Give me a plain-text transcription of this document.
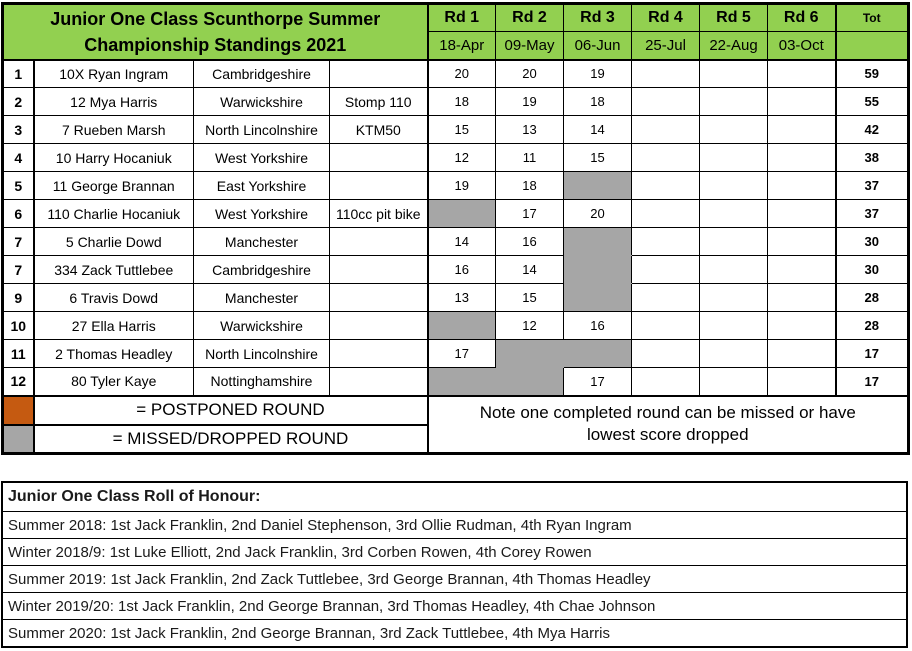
Junior One Class Scunthorpe Summer
Championship Standings 2021				Rd 1	Rd 2	Rd 3	Rd 4	Rd 5	Rd 6	Tot
				18-Apr	09-May	06-Jun	25-Jul	22-Aug	03-Oct	
1	10X Ryan Ingram	Cambridgeshire		20	20	19				59
2	12 Mya Harris	Warwickshire	Stomp 110	18	19	18				55
3	7 Rueben Marsh	North Lincolnshire	KTM50	15	13	14				42
4	10 Harry Hocaniuk	West Yorkshire		12	11	15				38
5	11 George Brannan	East Yorkshire		19	18					37
6	110 Charlie Hocaniuk	West Yorkshire	110cc pit bike		17	20				37
7	5 Charlie Dowd	Manchester		14	16					30
7	334 Zack Tuttlebee	Cambridgeshire		16	14					30
9	6 Travis Dowd	Manchester		13	15					28
10	27 Ella Harris	Warwickshire			12	16				28
11	2 Thomas Headley	North Lincolnshire		17						17
12	80 Tyler Kaye	Nottinghamshire				17				17
	= POSTPONED ROUND			Note one completed round can be missed or have
lowest score dropped						

	= MISSED/DROPPED ROUND									
Junior One Class Roll of Honour:
Summer 2018: 1st Jack Franklin, 2nd Daniel Stephenson, 3rd Ollie Rudman, 4th Ryan Ingram
Winter 2018/9: 1st Luke Elliott, 2nd Jack Franklin, 3rd Corben Rowen, 4th Corey Rowen
Summer 2019: 1st Jack Franklin, 2nd Zack Tuttlebee, 3rd George Brannan, 4th Thomas Headley
Winter 2019/20: 1st Jack Franklin, 2nd George Brannan, 3rd Thomas Headley, 4th Chae Johnson
Summer 2020: 1st Jack Franklin, 2nd George Brannan, 3rd Zack Tuttlebee, 4th Mya Harris
